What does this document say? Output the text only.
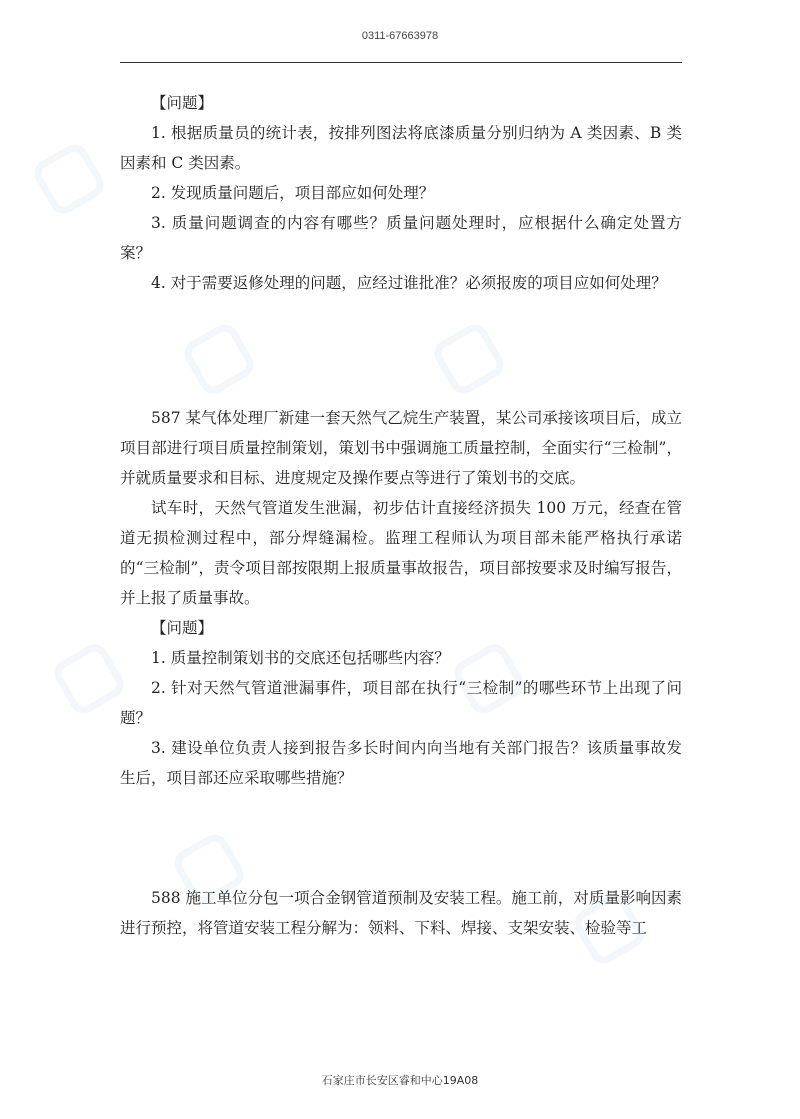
0311-67663978

【问题】

1. 根据质量员的统计表，按排列图法将底漆质量分别归纳为 A 类因素、B 类因素和 C 类因素。

2. 发现质量问题后，项目部应如何处理？

3. 质量问题调查的内容有哪些？质量问题处理时，应根据什么确定处置方案？

4. 对于需要返修处理的问题，应经过谁批准？必须报废的项目应如何处理？

587 某气体处理厂新建一套天然气乙烷生产装置，某公司承接该项目后，成立项目部进行项目质量控制策划，策划书中强调施工质量控制，全面实行“三检制”，并就质量要求和目标、进度规定及操作要点等进行了策划书的交底。

试车时，天然气管道发生泄漏，初步估计直接经济损失 100 万元，经查在管道无损检测过程中，部分焊缝漏检。监理工程师认为项目部未能严格执行承诺的“三检制”，责令项目部按限期上报质量事故报告，项目部按要求及时编写报告，并上报了质量事故。

【问题】

1. 质量控制策划书的交底还包括哪些内容？

2. 针对天然气管道泄漏事件，项目部在执行“三检制”的哪些环节上出现了问题？

3. 建设单位负责人接到报告多长时间内向当地有关部门报告？该质量事故发生后，项目部还应采取哪些措施？

588 施工单位分包一项合金钢管道预制及安装工程。施工前，对质量影响因素进行预控，将管道安装工程分解为：领料、下料、焊接、支架安装、检验等工

石家庄市长安区睿和中心19A08
